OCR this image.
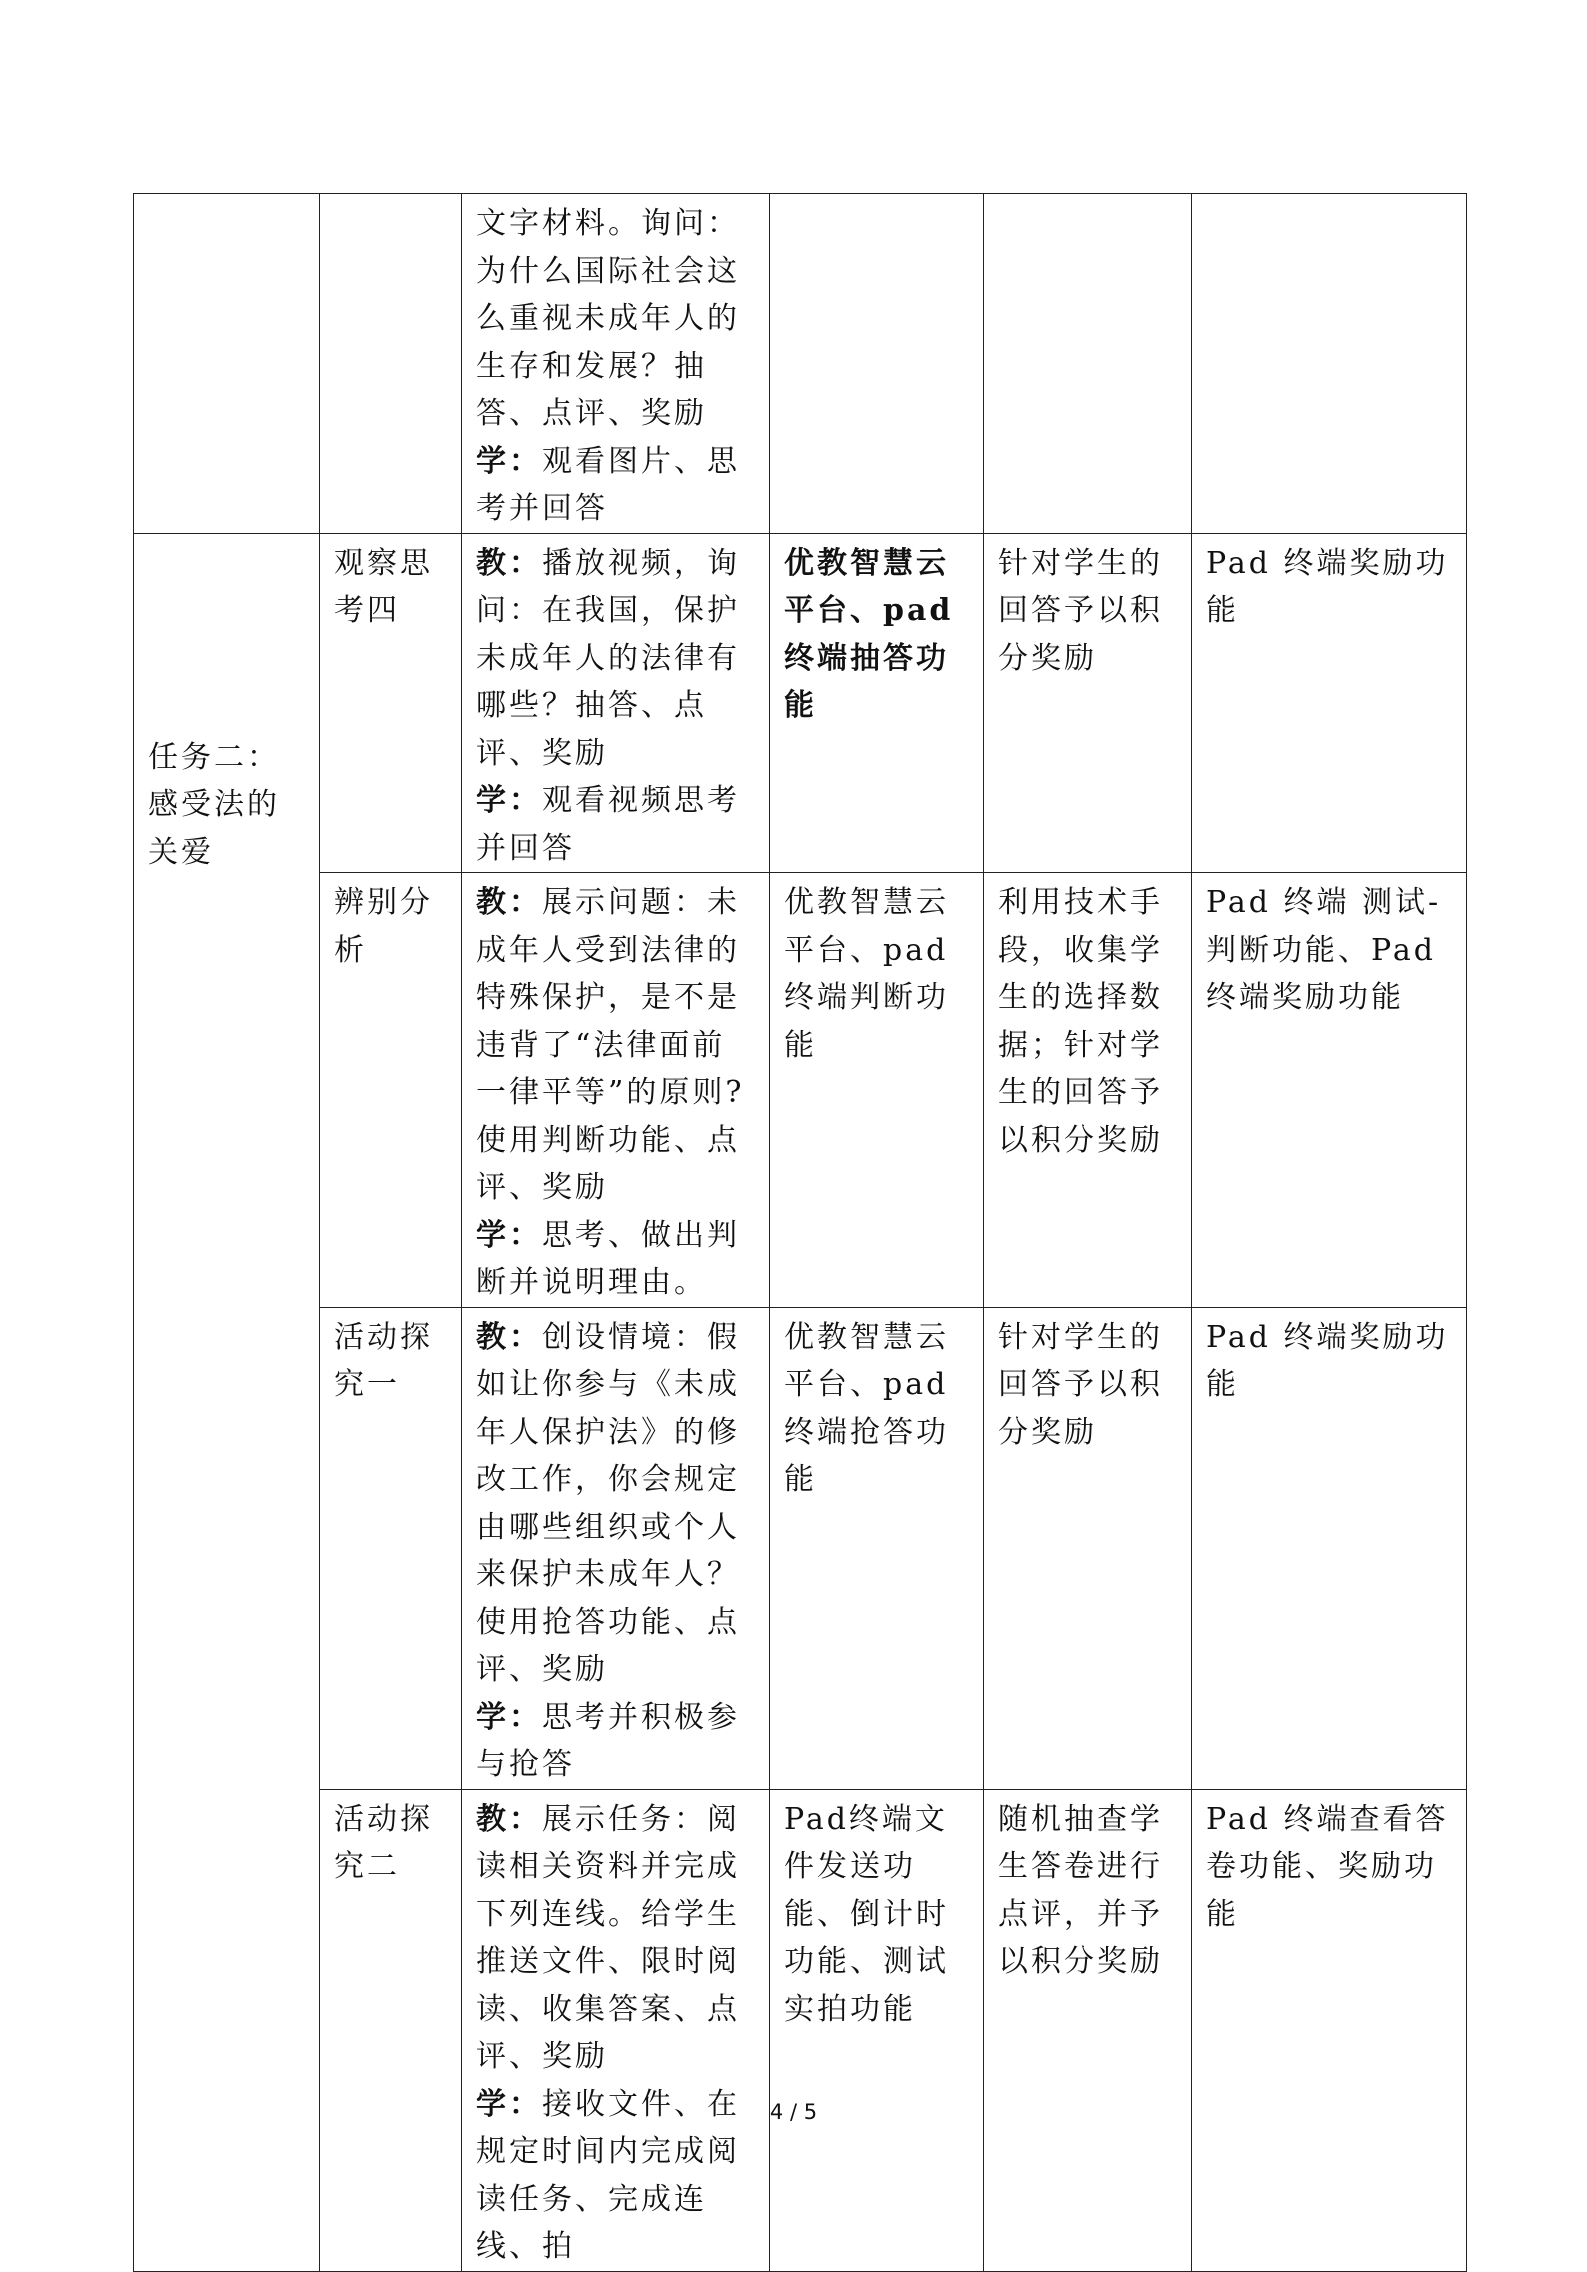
		文字材料。询问：为什么国际社会这么重视未成年人的生存和发展？抽答、点评、奖励
学：观看图片、思考并回答			

任务二：感受法的关爱	观察思考四	教：播放视频，询问：在我国，保护未成年人的法律有哪些？抽答、点评、奖励
学：观看视频思考并回答	优教智慧云平台、pad终端抽答功能	针对学生的回答予以积分奖励	Pad 终端奖励功能
	辨别分析	教：展示问题：未成年人受到法律的特殊保护，是不是违背了“法律面前一律平等”的原则?使用判断功能、点评、奖励
学：思考、做出判断并说明理由。	优教智慧云平台、pad终端判断功能	利用技术手段，收集学生的选择数据；针对学生的回答予以积分奖励	Pad 终端 测试-判断功能、Pad 终端奖励功能
	活动探究一	教：创设情境：假如让你参与《未成年人保护法》的修改工作，你会规定由哪些组织或个人来保护未成年人？使用抢答功能、点评、奖励
学：思考并积极参与抢答	优教智慧云平台、pad终端抢答功能	针对学生的回答予以积分奖励	Pad 终端奖励功能
	活动探究二	教：展示任务：阅读相关资料并完成下列连线。给学生推送文件、限时阅读、收集答案、点评、奖励
学：接收文件、在规定时间内完成阅读任务、完成连线、拍	Pad终端文件发送功能、倒计时功能、测试实拍功能	随机抽查学生答卷进行点评，并予以积分奖励	Pad 终端查看答卷功能、奖励功能
4 / 5
